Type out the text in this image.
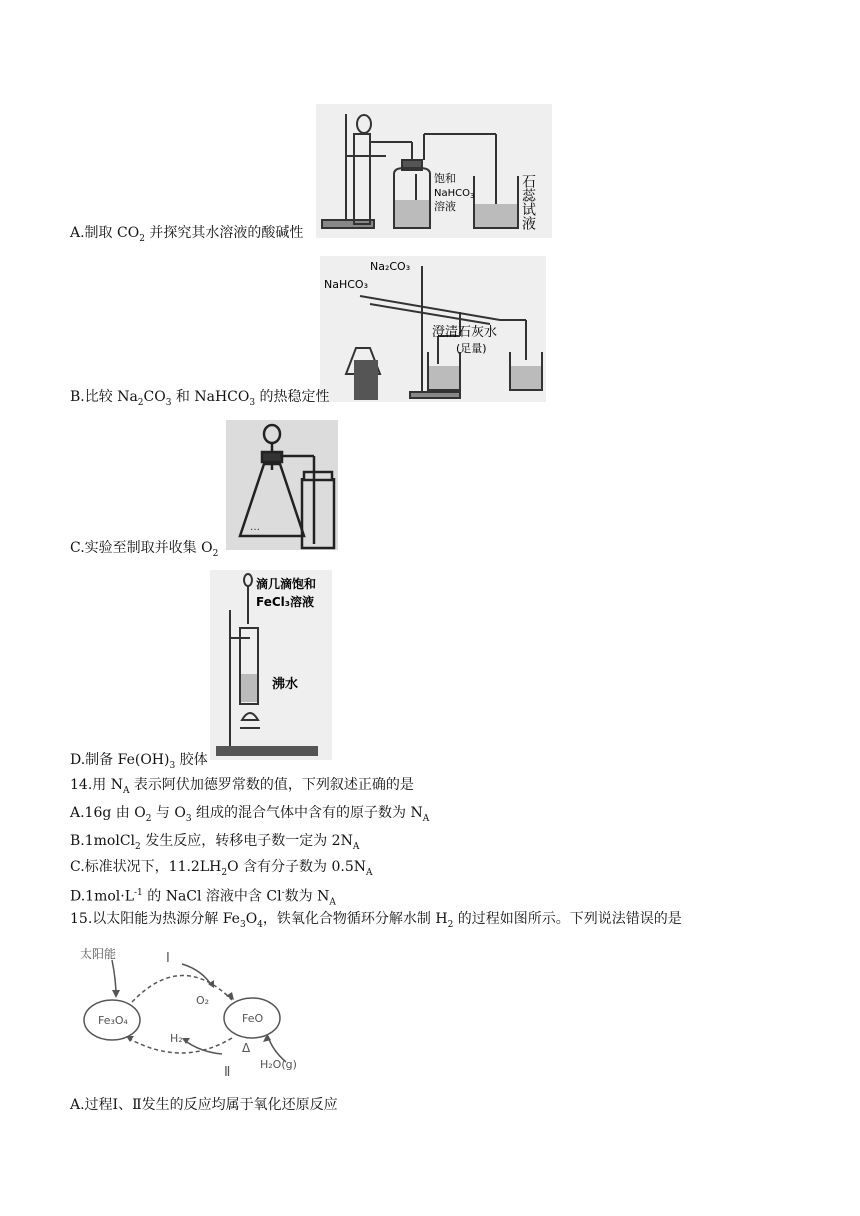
饱和
NaHCO$_3$
溶液	石蕊试液
A.制取 $CO_2$ 并探究其水溶液的酸碱性
Na₂CO₃
NaHCO₃
澄清石灰水
(足量)
B.比较 $Na_2CO_3$ 和 NaHCO$_3$ 的热稳定性
…
C.实验至制取并收集 $O_2$
滴几滴饱和
FeCl₃溶液
沸水
D.制备 $Fe(OH)_3$ 胶体
14.用 $N_A$ 表示阿伏加德罗常数的值，下列叙述正确的是
A.16g 由 $O_2$ 与 $O_3$ 组成的混合气体中含有的原子数为 $N_A$
B.1molCl$_2$ 发生反应，转移电子数一定为 $2N_A$
C.标准状况下，$11.2LH_2O$ 含有分子数为 $0.5N_A$
$D.1mol\cdot L^{-1}$ 的 NaCl 溶液中含 Cl-数为 $N_A$
15.以太阳能为热源分解 $Fe_3O_4$，铁氧化合物循环分解水制 $H_2$ 的过程如图所示。下列说法错误的是
太阳能	Ⅰ
O₂
Fe₃O₄	FeO
H₂
Δ
H₂O(g)
Ⅱ
A.过程Ⅰ、Ⅱ发生的反应均属于氧化还原反应
